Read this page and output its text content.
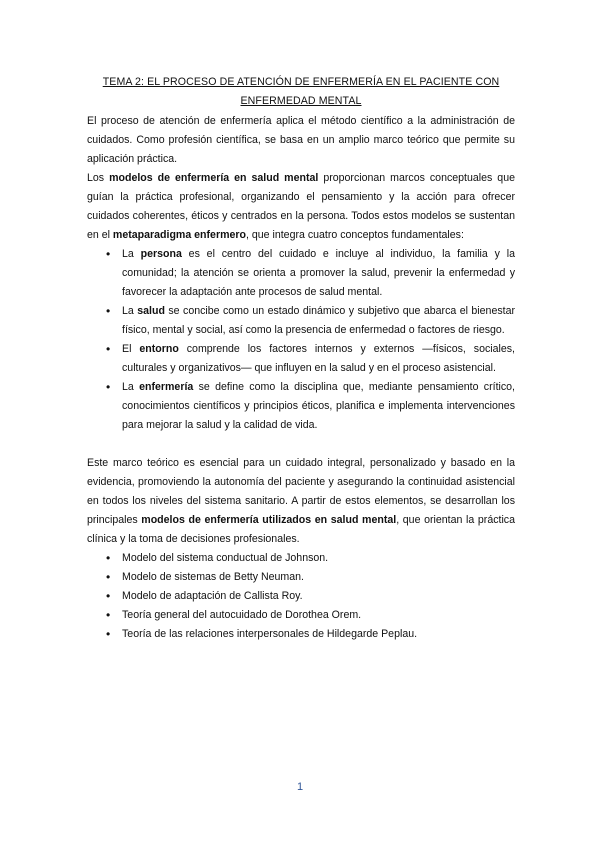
TEMA 2: EL PROCESO DE ATENCIÓN DE ENFERMERÍA EN EL PACIENTE CON
ENFERMEDAD MENTAL

El proceso de atención de enfermería aplica el método científico a la administración de cuidados. Como profesión científica, se basa en un amplio marco teórico que permite su aplicación práctica.

Los modelos de enfermería en salud mental proporcionan marcos conceptuales que guían la práctica profesional, organizando el pensamiento y la acción para ofrecer cuidados coherentes, éticos y centrados en la persona. Todos estos modelos se sustentan en el metaparadigma enfermero, que integra cuatro conceptos fundamentales:

• La persona es el centro del cuidado e incluye al individuo, la familia y la comunidad; la atención se orienta a promover la salud, prevenir la enfermedad y favorecer la adaptación ante procesos de salud mental.
• La salud se concibe como un estado dinámico y subjetivo que abarca el bienestar físico, mental y social, así como la presencia de enfermedad o factores de riesgo.
• El entorno comprende los factores internos y externos —físicos, sociales, culturales y organizativos— que influyen en la salud y en el proceso asistencial.
• La enfermería se define como la disciplina que, mediante pensamiento crítico, conocimientos científicos y principios éticos, planifica e implementa intervenciones para mejorar la salud y la calidad de vida.

Este marco teórico es esencial para un cuidado integral, personalizado y basado en la evidencia, promoviendo la autonomía del paciente y asegurando la continuidad asistencial en todos los niveles del sistema sanitario. A partir de estos elementos, se desarrollan los principales modelos de enfermería utilizados en salud mental, que orientan la práctica clínica y la toma de decisiones profesionales.

• Modelo del sistema conductual de Johnson.
• Modelo de sistemas de Betty Neuman.
• Modelo de adaptación de Callista Roy.
• Teoría general del autocuidado de Dorothea Orem.
• Teoría de las relaciones interpersonales de Hildegarde Peplau.
1
